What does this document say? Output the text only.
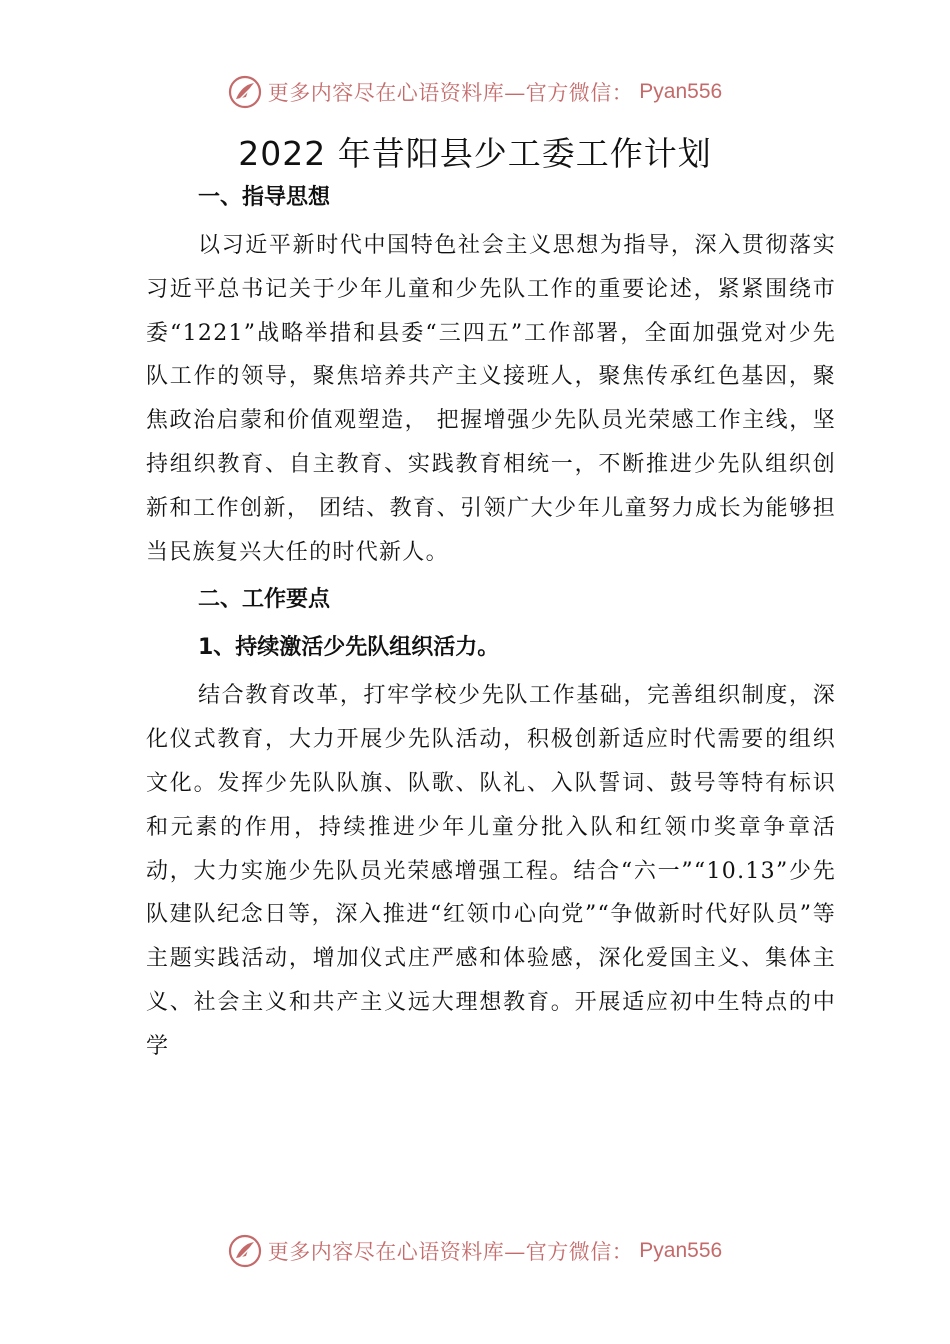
更多内容尽在心语资料库—官方微信： Pyan556
2022 年昔阳县少工委工作计划

一、指导思想

以习近平新时代中国特色社会主义思想为指导，深入贯彻落实习近平总书记关于少年儿童和少先队工作的重要论述，紧紧围绕市委“1221”战略举措和县委“三四五”工作部署，全面加强党对少先队工作的领导，聚焦培养共产主义接班人，聚焦传承红色基因，聚焦政治启蒙和价值观塑造， 把握增强少先队员光荣感工作主线，坚持组织教育、自主教育、实践教育相统一，不断推进少先队组织创新和工作创新， 团结、教育、引领广大少年儿童努力成长为能够担当民族复兴大任的时代新人。

二、工作要点

1、持续激活少先队组织活力。

结合教育改革，打牢学校少先队工作基础，完善组织制度，深化仪式教育，大力开展少先队活动，积极创新适应时代需要的组织文化。发挥少先队队旗、队歌、队礼、入队誓词、鼓号等特有标识和元素的作用，持续推进少年儿童分批入队和红领巾奖章争章活动，大力实施少先队员光荣感增强工程。结合“六一”“10.13”少先队建队纪念日等，深入推进“红领巾心向党”“争做新时代好队员”等主题实践活动，增加仪式庄严感和体验感，深化爱国主义、集体主义、社会主义和共产主义远大理想教育。开展适应初中生特点的中学

更多内容尽在心语资料库—官方微信： Pyan556
